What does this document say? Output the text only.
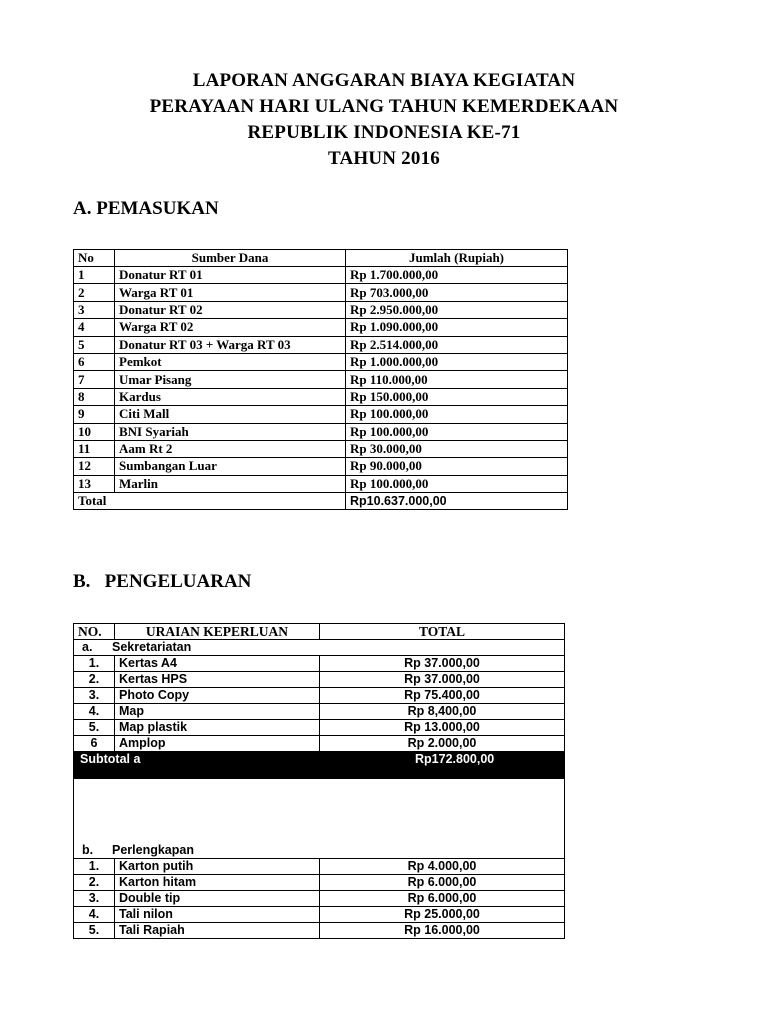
LAPORAN ANGGARAN BIAYA KEGIATAN
PERAYAAN HARI ULANG TAHUN KEMERDEKAAN
REPUBLIK INDONESIA KE-71
TAHUN 2016
A. PEMASUKAN
No	Sumber Dana	Jumlah (Rupiah)
1	Donatur RT 01	Rp 1.700.000,00
2	Warga RT 01	Rp 703.000,00
3	Donatur RT 02	Rp 2.950.000,00
4	Warga RT 02	Rp 1.090.000,00
5	Donatur RT 03 + Warga RT 03	Rp 2.514.000,00
6	Pemkot	Rp 1.000.000,00
7	Umar Pisang	Rp 110.000,00
8	Kardus	Rp 150.000,00
9	Citi Mall	Rp 100.000,00
10	BNI Syariah	Rp 100.000,00
11	Aam Rt 2	Rp 30.000,00
12	Sumbangan Luar	Rp 90.000,00
13	Marlin	Rp 100.000,00
Total		Rp10.637.000,00
B.   PENGELUARAN
NO.	URAIAN KEPERLUAN	TOTAL
a. Sekretariatan		
1.	Kertas A4	Rp 37.000,00
2.	Kertas HPS	Rp 37.000,00
3.	Photo Copy	Rp 75.400,00
4.	Map	Rp 8,400,00
5.	Map plastik	Rp 13.000,00
6	Amplop	Rp 2.000,00
Subtotal a		Rp172.800,00

b. Perlengkapan		
1.	Karton putih	Rp 4.000,00
2.	Karton hitam	Rp 6.000,00
3.	Double tip	Rp 6.000,00
4.	Tali nilon	Rp 25.000,00
5.	Tali Rapiah	Rp 16.000,00
